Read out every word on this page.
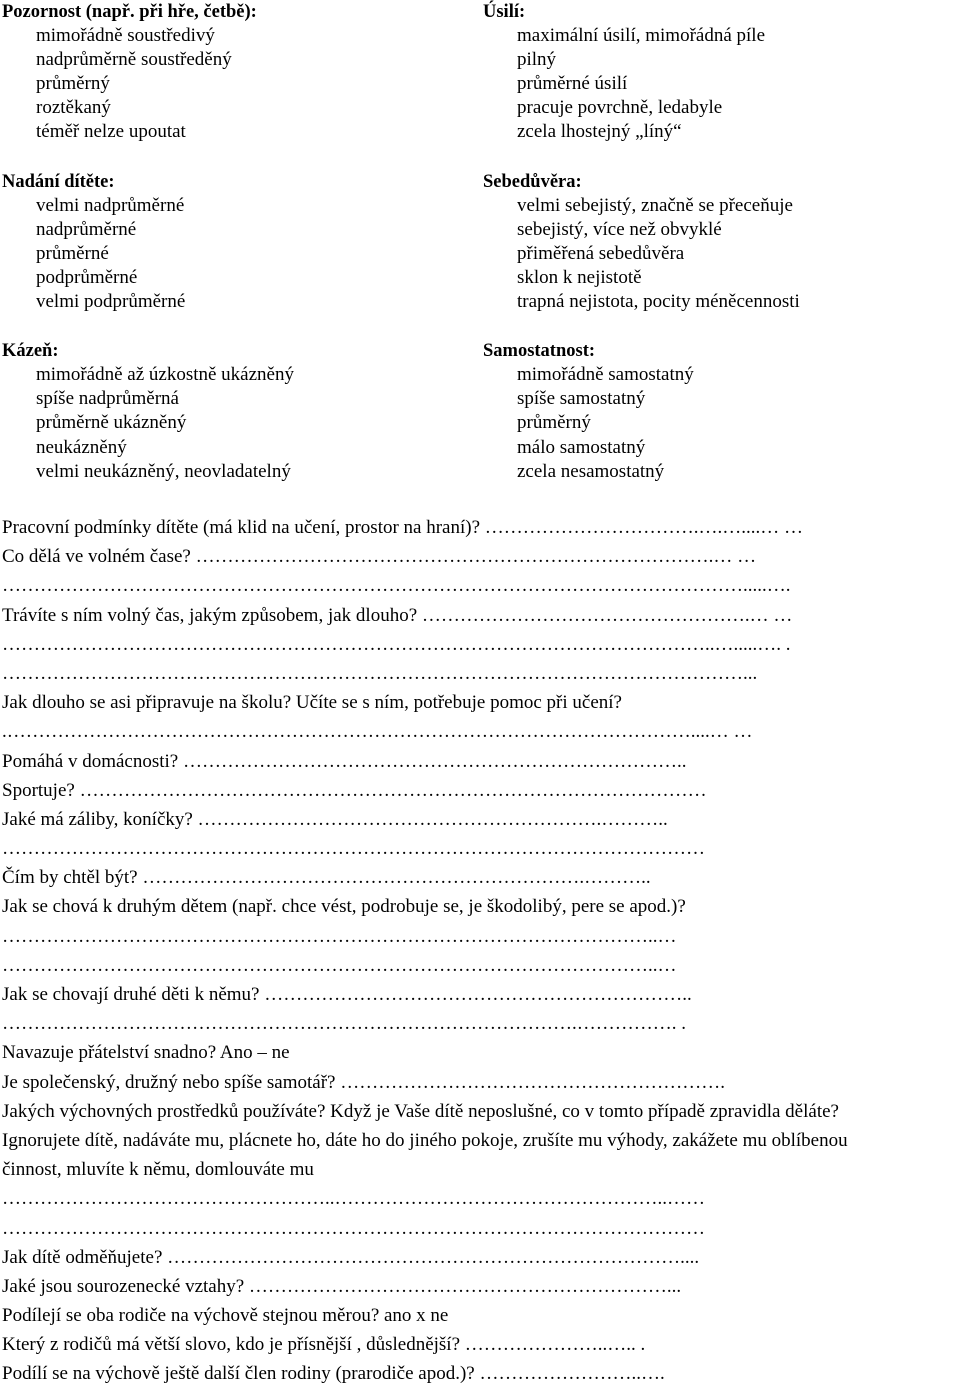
Pozornost (např. při hře, četbě):
mimořádně soustředivý
nadprůměrně soustředěný
průměrný
roztěkaný
téměř nelze upoutat
Nadání dítěte:
velmi nadprůměrné
nadprůměrné
průměrné
podprůměrné
velmi podprůměrné
Kázeň:
mimořádně až úzkostně ukázněný
spíše nadprůměrná
průměrně ukázněný
neukázněný
velmi neukázněný, neovladatelný
Úsilí:
maximální úsilí, mimořádná píle
pilný
průměrné úsilí
pracuje povrchně, ledabyle
zcela lhostejný „líný“
Sebedůvěra:
velmi sebejistý, značně se přeceňuje
sebejistý, více než obvyklé
přiměřená sebedůvěra
sklon k nejistotě
trapná nejistota, pocity méněcennosti
Samostatnost:
mimořádně samostatný
spíše samostatný
průměrný
málo samostatný
zcela nesamostatný
Pracovní podmínky dítěte (má klid na učení, prostor na hraní)? …………………………….….…....… …
Co dělá ve volném čase? ……………………………………………………………………….… …
……………………………………………………………………………………………………….....….
Trávíte s ním volný čas, jakým způsobem, jak dlouho? …………………………………………….… …
…………………………………………………………………………………………………..….....…. .
………………………………………………………………………………………………………...
Jak dlouho se asi připravuje na školu? Učíte se s ním, potřebuje pomoc při učení?
.………………………………………………………………………………………………....… …
Pomáhá v domácnosti? ……………………………………………………………………..
Sportuje? ………………………………………………………………………………………
Jaké má záliby, koníčky? ……………………………………………………….………..
…………………………………………………………………………………………………
Čím by chtěl být? …………………………………………………………….………..
Jak se chová k druhým dětem (např. chce vést, podrobuje se, je škodolibý, pere se apod.)?
…………………………………………………………………………………………..…
…………………………………………………………………………………………..…
Jak se chovají druhé děti k němu? …………………………………………………………..
……………………………………………………………………………….……………. .
Navazuje přátelství snadno? Ano – ne
Je společenský, družný nebo spíše samotář? …………………………………………………….
Jakých výchovných prostředků používáte? Když je Vaše dítě neposlušné, co v tomto případě zpravidla děláte?
Ignorujete dítě, nadáváte mu, plácnete ho, dáte ho do jiného pokoje, zrušíte mu výhody, zakážete mu oblíbenou
činnost, mluvíte k němu, domlouváte mu
……………………………………………..……………………………………………..……
…………………………………………………………………………………………………
Jak dítě odměňujete? ………………………………………………………………………....
Jaké jsou sourozenecké vztahy? …………………………………………………………...
Podílejí se oba rodiče na výchově stejnou měrou? ano x ne
Který z rodičů má větší slovo, kdo je přísnější , důslednější? …………………..….. .
Podílí se na výchově ještě další člen rodiny (prarodiče apod.)? ……………………..….
